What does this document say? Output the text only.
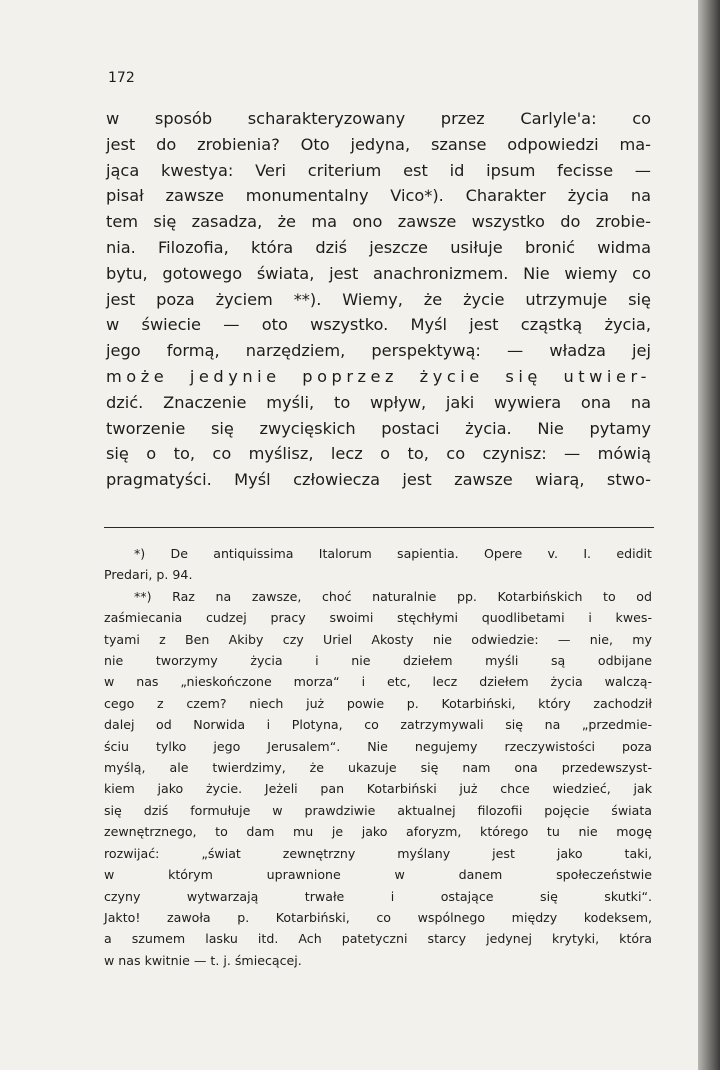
172
w sposób scharakteryzowany przez Carlyle'a: co
jest do zrobienia? Oto jedyna, szanse odpowiedzi ma-
jąca kwestya: Veri criterium est id ipsum fecisse —
pisał zawsze monumentalny Vico*). Charakter życia na
tem się zasadza, że ma ono zawsze wszystko do zrobie-
nia. Filozofia, która dziś jeszcze usiłuje bronić widma
bytu, gotowego świata, jest anachronizmem. Nie wiemy co
jest poza życiem **). Wiemy, że życie utrzymuje się
w świecie — oto wszystko. Myśl jest cząstką życia,
jego formą, narzędziem, perspektywą: — władza jej
może jedynie poprzez życie się utwier-
dzić. Znaczenie myśli, to wpływ, jaki wywiera ona na
tworzenie się zwycięskich postaci życia. Nie pytamy
się o to, co myślisz, lecz o to, co czynisz: — mówią
pragmatyści. Myśl człowiecza jest zawsze wiarą, stwo-
*) De antiquissima Italorum sapientia. Opere v. I. edidit
Predari, p. 94.
**) Raz na zawsze, choć naturalnie pp. Kotarbińskich to od
zaśmiecania cudzej pracy swoimi stęchłymi quodlibetami i kwes-
tyami z Ben Akiby czy Uriel Akosty nie odwiedzie: — nie, my
nie tworzymy życia i nie dziełem myśli są odbijane
w nas „nieskończone morza“ i etc, lecz dziełem życia walczą-
cego z czem? niech już powie p. Kotarbiński, który zachodził
dalej od Norwida i Plotyna, co zatrzymywali się na „przedmie-
ściu tylko jego Jerusalem“. Nie negujemy rzeczywistości poza
myślą, ale twierdzimy, że ukazuje się nam ona przedewszyst-
kiem jako życie. Jeżeli pan Kotarbiński już chce wiedzieć, jak
się dziś formułuje w prawdziwie aktualnej filozofii pojęcie świata
zewnętrznego, to dam mu je jako aforyzm, którego tu nie mogę
rozwijać: „świat zewnętrzny myślany jest jako taki,
w którym uprawnione w danem społeczeństwie
czyny wytwarzają trwałe i ostające się skutki“.
Jakto! zawoła p. Kotarbiński, co wspólnego między kodeksem,
a szumem lasku itd. Ach patetyczni starcy jedynej krytyki, która
w nas kwitnie — t. j. śmiecącej.
